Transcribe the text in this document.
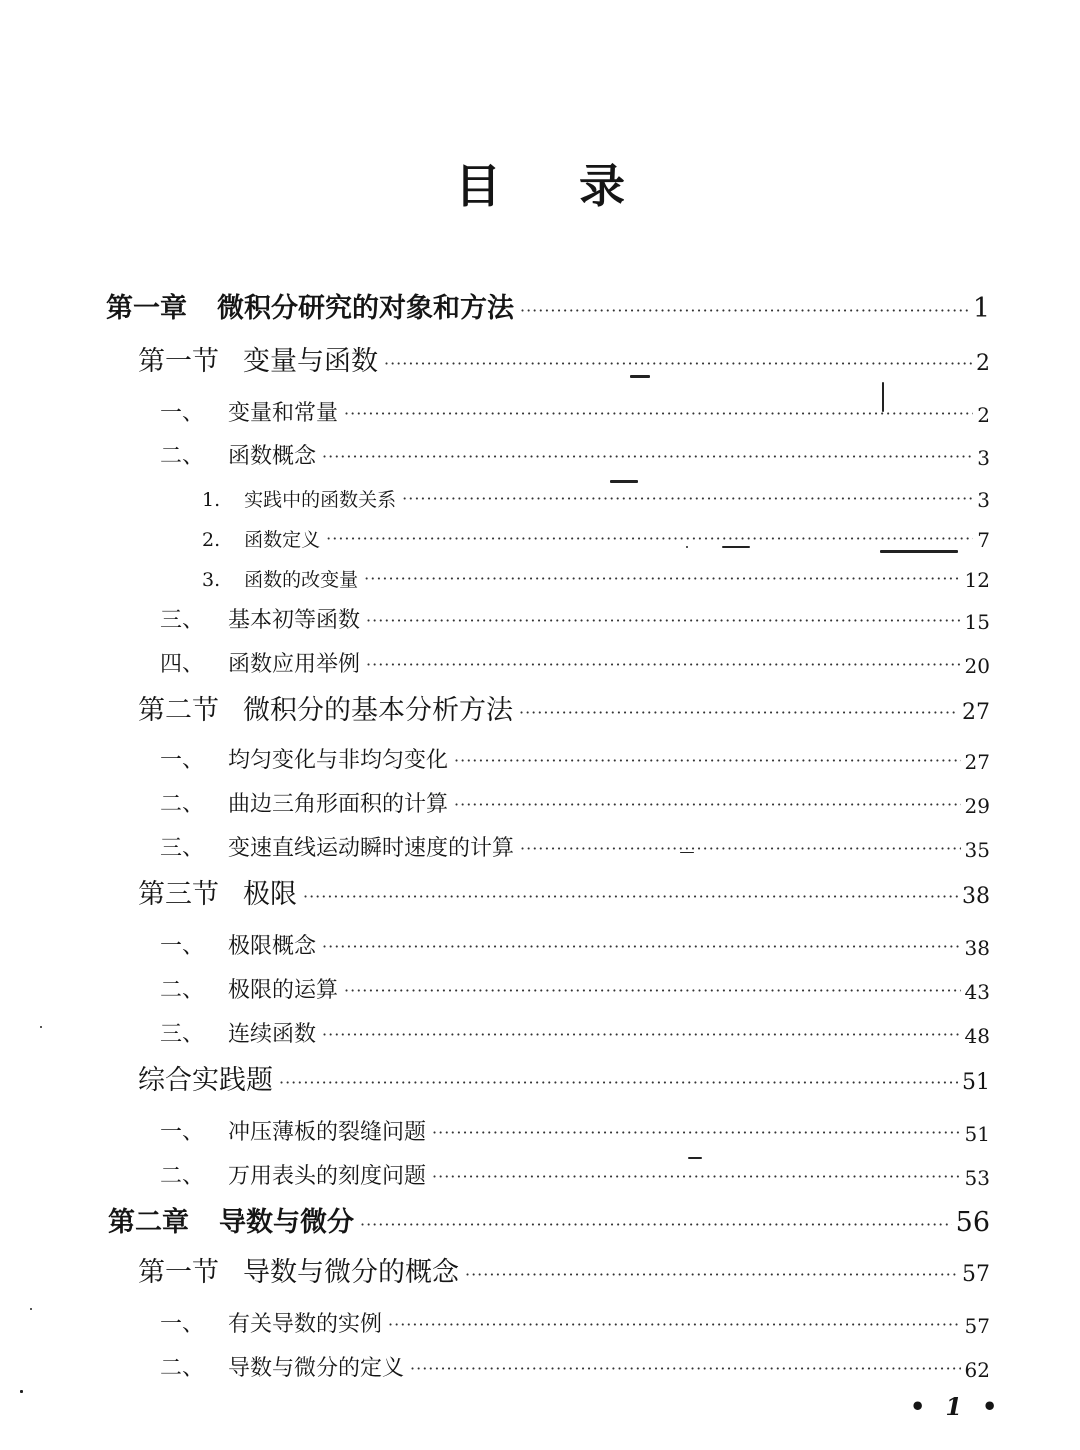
目 录
第一章 微积分研究的对象和方法 ·····	1
第一节 变量与函数 ·····	2
一、 变量和常量 ·····	2
二、 函数概念 ·····	3
1. 实践中的函数关系 ·····	3
2. 函数定义 ·····	7
3. 函数的改变量 ·····	12
三、 基本初等函数 ·····	15
四、 函数应用举例 ·····	20
第二节 微积分的基本分析方法 ·····	27
一、 均匀变化与非均匀变化 ·····	27
二、 曲边三角形面积的计算 ·····	29
三、 变速直线运动瞬时速度的计算 ·····	35
第三节 极限 ·····	38
一、 极限概念 ·····	38
二、 极限的运算 ·····	43
三、 连续函数 ·····	48
综合实践题 ·····	51
一、 冲压薄板的裂缝问题 ·····	51
二、 万用表头的刻度问题 ·····	53
第二章 导数与微分 ·····	56
第一节 导数与微分的概念 ·····	57
一、 有关导数的实例 ·····	57
二、 导数与微分的定义 ·····	62
• 1 •
